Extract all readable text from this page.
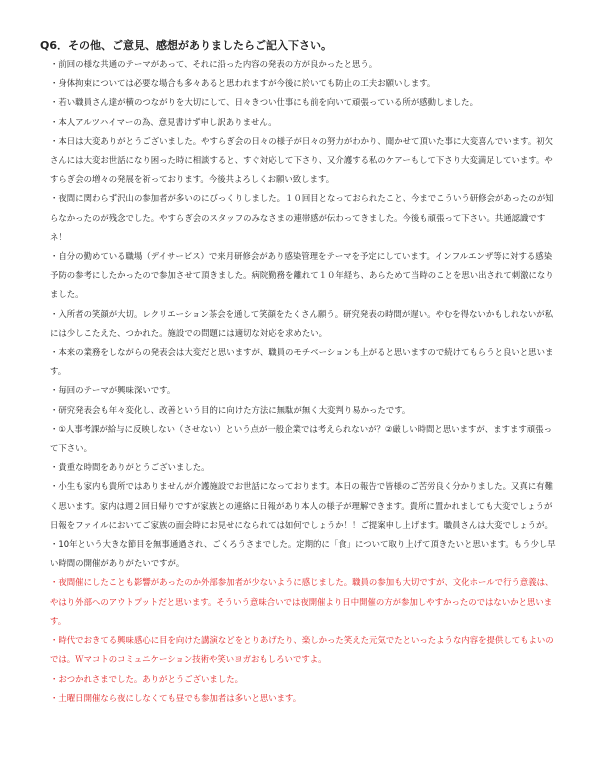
Q6．その他、ご意見、感想がありましたらご記入下さい。
・前回の様な共通のテーマがあって、それに沿った内容の発表の方が良かったと思う。
・身体拘束については必要な場合も多々あると思われますが今後に於いても防止の工夫お願いします。
・若い職員さん達が横のつながりを大切にして、日々きつい仕事にも前を向いて頑張っている所が感動しました。
・本人アルツハイマーの為、意見書けず申し訳ありません。
・本日は大変ありがとうございました。やすらぎ会の日々の様子が日々の努力がわかり、聞かせて頂いた事に大変喜んでいます。初欠さんには大変お世話になり困った時に相談すると、すぐ対応して下さり、又介護する私のケアーもして下さり大変満足しています。やすらぎ会の増々の発展を祈っております。今後共よろしくお願い致します。
・夜間に関わらず沢山の参加者が多いのにびっくりしました。１０回目となっておられたこと、今までこういう研修会があったのが知らなかったのが残念でした。やすらぎ会のスタッフのみなさまの連帯感が伝わってきました。今後も頑張って下さい。共通認識ですネ！
・自分の勤めている職場（デイサービス）で来月研修会があり感染管理をテーマを予定にしています。インフルエンザ等に対する感染予防の参考にしたかったので参加させて頂きました。病院勤務を離れて１０年経ち、あらためて当時のことを思い出されて刺激になりました。
・入所者の笑顔が大切。レクリエーション茶会を通して笑顔をたくさん願う。研究発表の時間が遅い。やむを得ないかもしれないが私には少しこたえた、つかれた。施設での問題には適切な対応を求めたい。
・本来の業務をしながらの発表会は大変だと思いますが、職員のモチベーションも上がると思いますので続けてもらうと良いと思います。
・毎回のテーマが興味深いです。
・研究発表会も年々変化し、改善という目的に向けた方法に無駄が無く大変判り易かったです。
・①人事考課が給与に反映しない（させない）という点が一般企業では考えられないが？②厳しい時間と思いますが、ますます頑張って下さい。
・貴重な時間をありがとうございました。
・小生も家内も貴所ではありませんが介護施設でお世話になっております。本日の報告で皆様のご苦労良く分かりました。又真に有難く思います。家内は週２回日帰りですが家族との連絡に日報があり本人の様子が理解できます。貴所に置かれましても大変でしょうが日報をファイルにおいてご家族の面会時にお見せになられては如何でしょうか！！ご提案申し上げます。職員さんは大変でしょうが。
・10年という大きな節目を無事通過され、ごくろうさまでした。定期的に「食」について取り上げて頂きたいと思います。もう少し早い時間の開催がありがたいですが。
・夜間催にしたことも影響があったのか外部参加者が少ないように感じました。職員の参加も大切ですが、文化ホールで行う意義は、やはり外部へのアウトプットだと思います。そういう意味合いでは夜開催より日中開催の方が参加しやすかったのではないかと思います。
・時代でおきてる興味感心に目を向けた講演などをとりあげたり、楽しかった笑えた元気でたといったような内容を提供してもよいのでは。Ｗマコトのコミュニケーション技術や笑いヨガおもしろいですよ。
・おつかれさまでした。ありがとうございました。
・土曜日開催なら夜にしなくても昼でも参加者は多いと思います。
